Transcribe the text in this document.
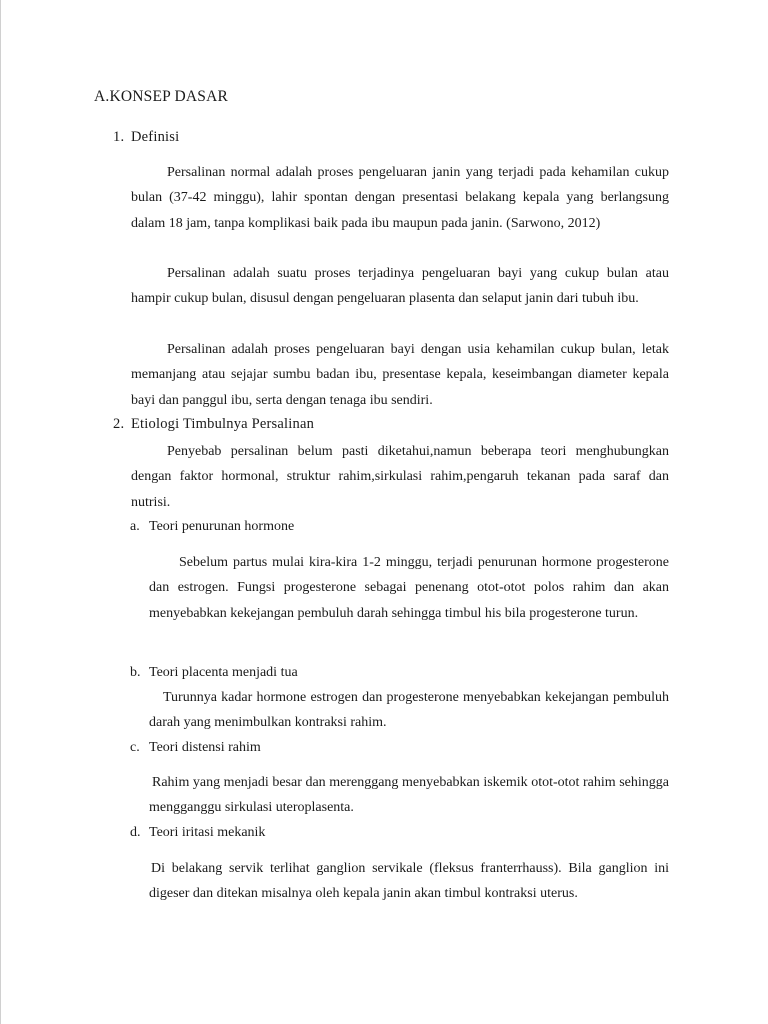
A.KONSEP DASAR
1. Definisi

Persalinan normal adalah proses pengeluaran janin yang terjadi pada kehamilan cukup bulan (37-42 minggu), lahir spontan dengan presentasi belakang kepala yang berlangsung dalam 18 jam, tanpa komplikasi baik pada ibu maupun pada janin. (Sarwono, 2012)

Persalinan adalah suatu proses terjadinya pengeluaran bayi yang cukup bulan atau hampir cukup bulan, disusul dengan pengeluaran plasenta dan selaput janin dari tubuh ibu.

Persalinan adalah proses pengeluaran bayi dengan usia kehamilan cukup bulan, letak memanjang atau sejajar sumbu badan ibu, presentase kepala, keseimbangan diameter kepala bayi dan panggul ibu, serta dengan tenaga ibu sendiri.

2. Etiologi Timbulnya Persalinan

Penyebab persalinan belum pasti diketahui,namun beberapa teori menghubungkan dengan faktor hormonal, struktur rahim,sirkulasi rahim,pengaruh tekanan pada saraf dan nutrisi.

a. Teori penurunan hormone

Sebelum partus mulai kira-kira 1-2 minggu, terjadi penurunan hormone progesterone dan estrogen. Fungsi progesterone sebagai penenang otot-otot polos rahim dan akan menyebabkan kekejangan pembuluh darah sehingga timbul his bila progesterone turun.

b. Teori placenta menjadi tua

Turunnya kadar hormone estrogen dan progesterone menyebabkan kekejangan pembuluh darah yang menimbulkan kontraksi rahim.

c. Teori distensi rahim

Rahim yang menjadi besar dan merenggang menyebabkan iskemik otot-otot rahim sehingga mengganggu sirkulasi uteroplasenta.

d. Teori iritasi mekanik

Di belakang servik terlihat ganglion servikale (fleksus franterrhauss). Bila ganglion ini digeser dan ditekan misalnya oleh kepala janin akan timbul kontraksi uterus.
